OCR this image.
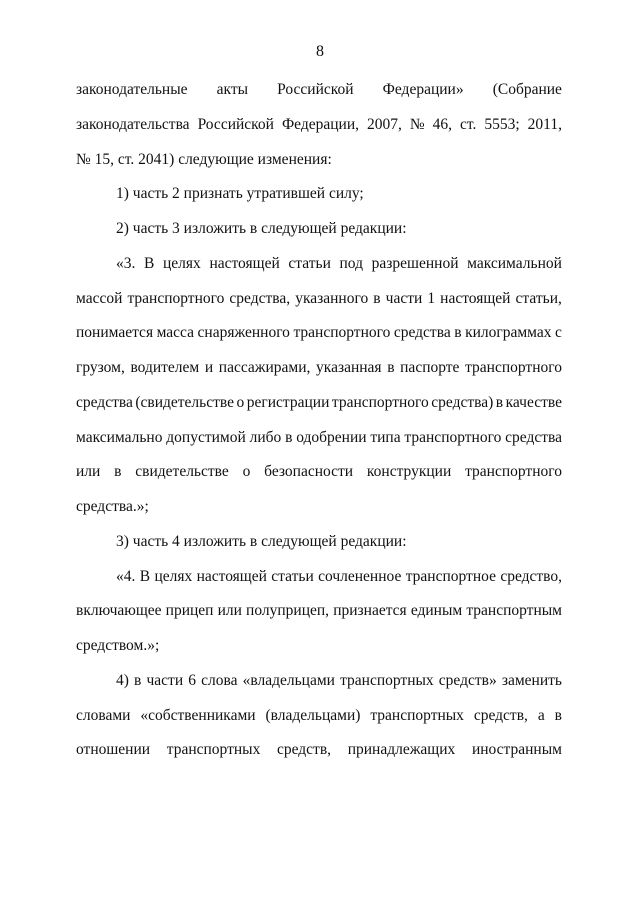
8
законодательные акты Российской Федерации» (Собрание
законодательства Российской Федерации, 2007, № 46, ст. 5553; 2011,
№ 15, ст. 2041) следующие изменения:
1) часть 2 признать утратившей силу;
2) часть 3 изложить в следующей редакции:
«3. В целях настоящей статьи под разрешенной максимальной
массой транспортного средства, указанного в части 1 настоящей статьи,
понимается масса снаряженного транспортного средства в килограммах с
грузом, водителем и пассажирами, указанная в паспорте транспортного
средства (свидетельстве о регистрации транспортного средства) в качестве
максимально допустимой либо в одобрении типа транспортного средства
или в свидетельстве о безопасности конструкции транспортного
средства.»;
3) часть 4 изложить в следующей редакции:
«4. В целях настоящей статьи сочлененное транспортное средство,
включающее прицеп или полуприцеп, признается единым транспортным
средством.»;
4) в части 6 слова «владельцами транспортных средств» заменить
словами «собственниками (владельцами) транспортных средств, а в
отношении транспортных средств, принадлежащих иностранным
